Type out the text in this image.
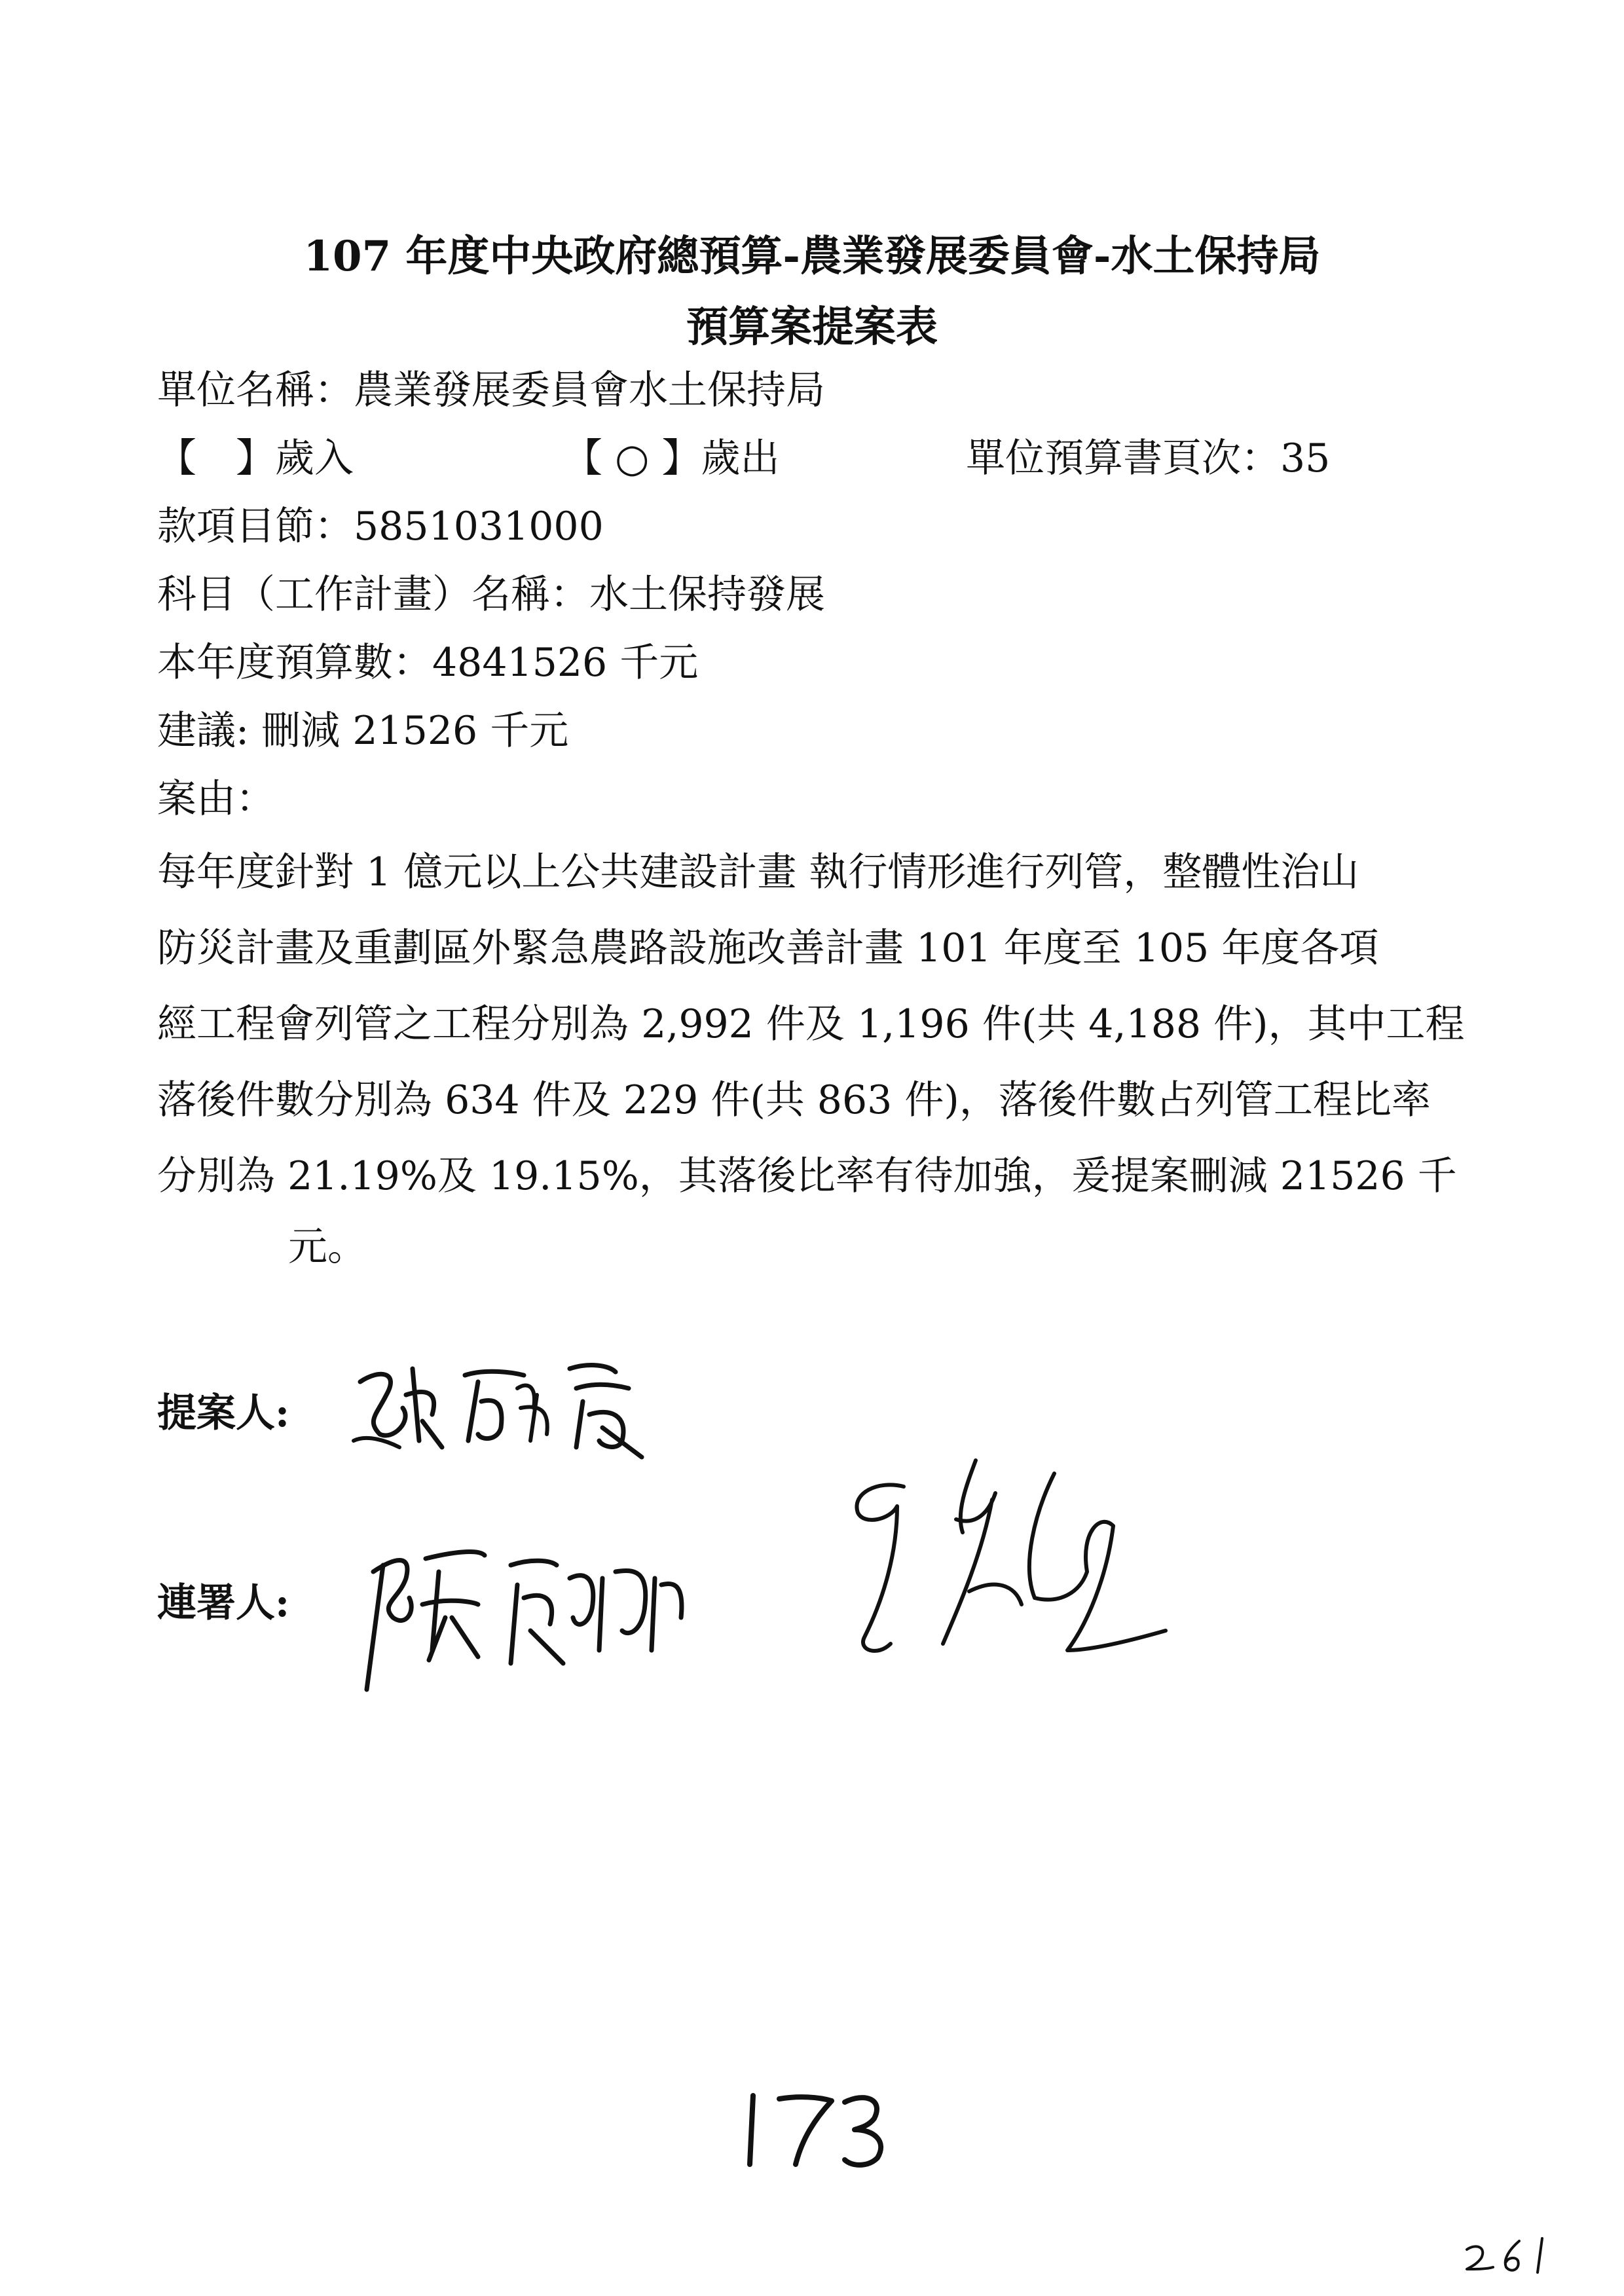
107 年度中央政府總預算-農業發展委員會-水土保持局
預算案提案表
單位名稱：農業發展委員會水土保持局
【　】歲入	【 ○ 】歲出	單位預算書頁次：35
款項目節：5851031000
科目（工作計畫）名稱：水土保持發展
本年度預算數：4841526 千元
建議: 刪減 21526 千元
案由：
每年度針對 1 億元以上公共建設計畫 執行情形進行列管，整體性治山
防災計畫及重劃區外緊急農路設施改善計畫 101 年度至 105 年度各項
經工程會列管之工程分別為 2,992 件及 1,196 件(共 4,188 件)，其中工程
落後件數分別為 634 件及 229 件(共 863 件)，落後件數占列管工程比率
分別為 21.19%及 19.15%，其落後比率有待加強，爰提案刪減 21526 千
元。
提案人:
連署人:
